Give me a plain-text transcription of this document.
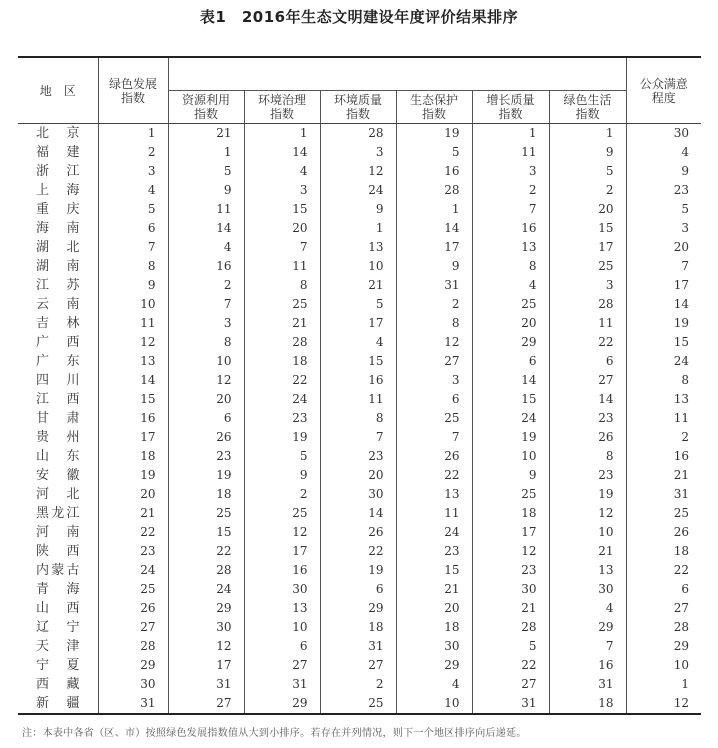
表1　2016年生态文明建设年度评价结果排序
地　区	绿色发展指数							公众满意程度
		资源利用指数	环境治理指数	环境质量指数	生态保护指数	增长质量指数	绿色生活指数	
北京	1	21	1	28	19	1	1	30
福建	2	1	14	3	5	11	9	4
浙江	3	5	4	12	16	3	5	9
上海	4	9	3	24	28	2	2	23
重庆	5	11	15	9	1	7	20	5
海南	6	14	20	1	14	16	15	3
湖北	7	4	7	13	17	13	17	20
湖南	8	16	11	10	9	8	25	7
江苏	9	2	8	21	31	4	3	17
云南	10	7	25	5	2	25	28	14
吉林	11	3	21	17	8	20	11	19
广西	12	8	28	4	12	29	22	15
广东	13	10	18	15	27	6	6	24
四川	14	12	22	16	3	14	27	8
江西	15	20	24	11	6	15	14	13
甘肃	16	6	23	8	25	24	23	11
贵州	17	26	19	7	7	19	26	2
山东	18	23	5	23	26	10	8	16
安徽	19	19	9	20	22	9	23	21
河北	20	18	2	30	13	25	19	31
黑龙江	21	25	25	14	11	18	12	25
河南	22	15	12	26	24	17	10	26
陕西	23	22	17	22	23	12	21	18
内蒙古	24	28	16	19	15	23	13	22
青海	25	24	30	6	21	30	30	6
山西	26	29	13	29	20	21	4	27
辽宁	27	30	10	18	18	28	29	28
天津	28	12	6	31	30	5	7	29
宁夏	29	17	27	27	29	22	16	10
西藏	30	31	31	2	4	27	31	1
新疆	31	27	29	25	10	31	18	12
注：本表中各省（区、市）按照绿色发展指数值从大到小排序。若存在并列情况，则下一个地区排序向后递延。
